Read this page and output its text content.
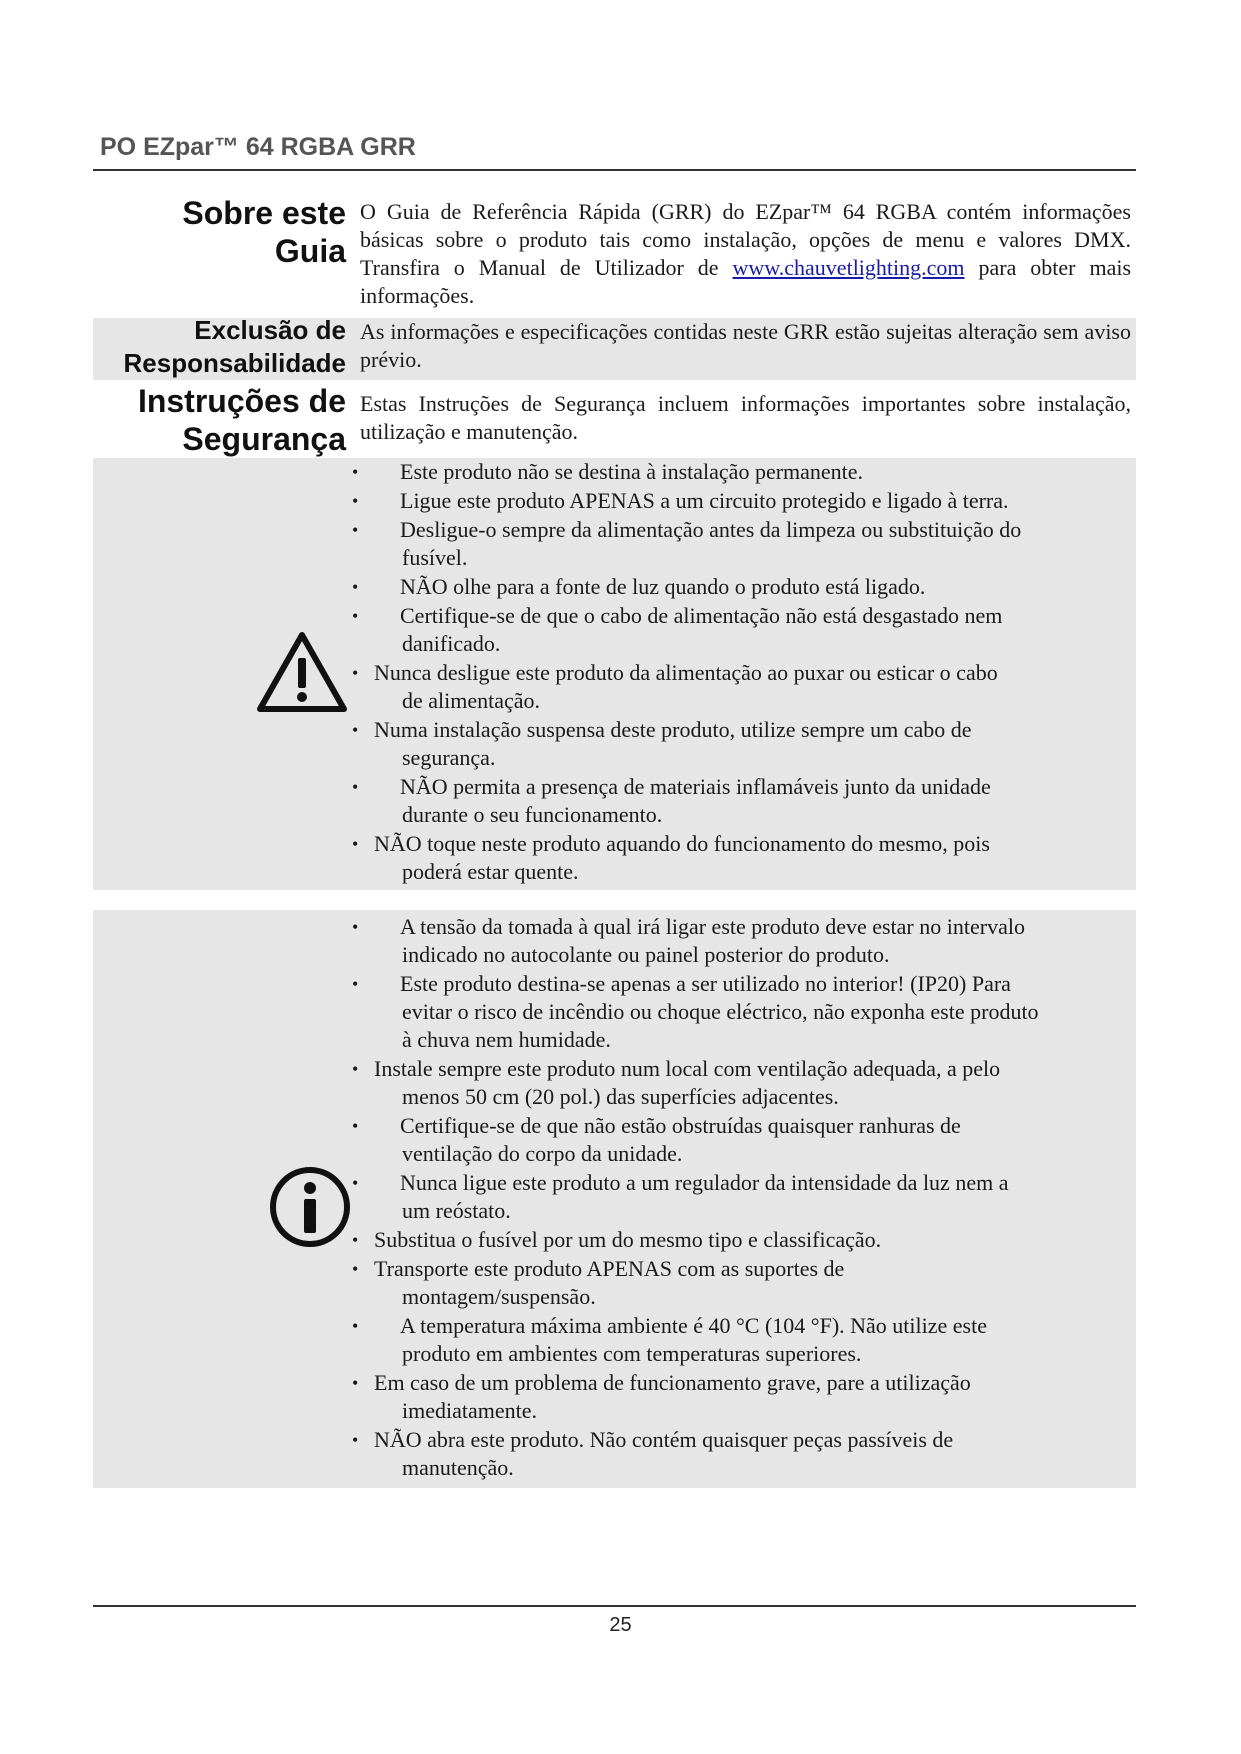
PO EZpar™ 64 RGBA GRR
Sobre este
Guia
O Guia de Referência Rápida (GRR) do EZpar™ 64 RGBA contém informações básicas sobre o produto tais como instalação, opções de menu e valores DMX. Transfira o Manual de Utilizador de www.chauvetlighting.com para obter mais informações.
Exclusão de
Responsabilidade
As informações e especificações contidas neste GRR estão sujeitas alteração sem aviso prévio.
Instruções de
Segurança
Estas Instruções de Segurança incluem informações importantes sobre instalação, utilização e manutenção.
• Este produto não se destina à instalação permanente.
• Ligue este produto APENAS a um circuito protegido e ligado à terra.
• Desligue-o sempre da alimentação antes da limpeza ou substituição do
fusível.
• NÃO olhe para a fonte de luz quando o produto está ligado.
• Certifique-se de que o cabo de alimentação não está desgastado nem
danificado.
• Nunca desligue este produto da alimentação ao puxar ou esticar o cabo
de alimentação.
• Numa instalação suspensa deste produto, utilize sempre um cabo de
segurança.
• NÃO permita a presença de materiais inflamáveis junto da unidade
durante o seu funcionamento.
• NÃO toque neste produto aquando do funcionamento do mesmo, pois
poderá estar quente.
• A tensão da tomada à qual irá ligar este produto deve estar no intervalo
indicado no autocolante ou painel posterior do produto.
• Este produto destina-se apenas a ser utilizado no interior! (IP20) Para
evitar o risco de incêndio ou choque eléctrico, não exponha este produto
à chuva nem humidade.
• Instale sempre este produto num local com ventilação adequada, a pelo
menos 50 cm (20 pol.) das superfícies adjacentes.
• Certifique-se de que não estão obstruídas quaisquer ranhuras de
ventilação do corpo da unidade.
• Nunca ligue este produto a um regulador da intensidade da luz nem a
um reóstato.
• Substitua o fusível por um do mesmo tipo e classificação.
• Transporte este produto APENAS com as suportes de
montagem/suspensão.
• A temperatura máxima ambiente é 40 °C (104 °F). Não utilize este
produto em ambientes com temperaturas superiores.
• Em caso de um problema de funcionamento grave, pare a utilização
imediatamente.
• NÃO abra este produto. Não contém quaisquer peças passíveis de
manutenção.
25
